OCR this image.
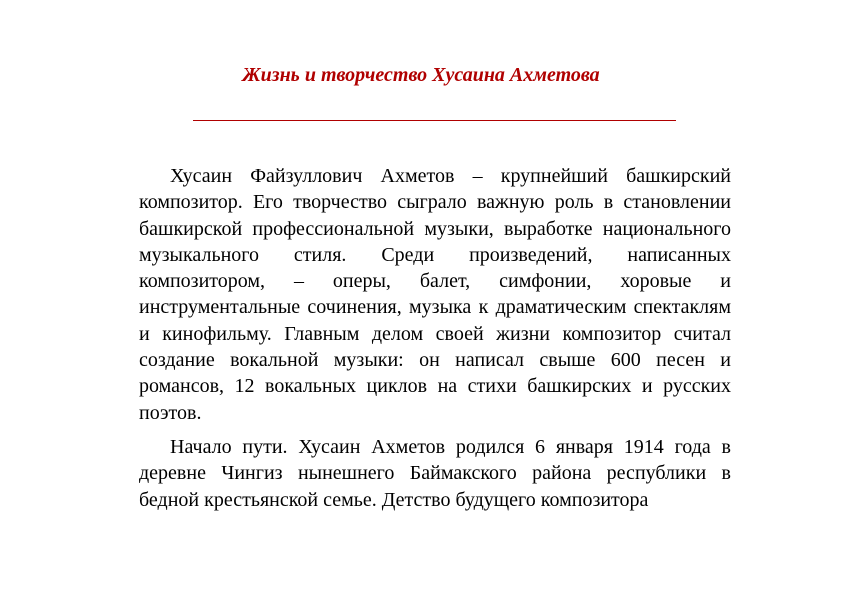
Жизнь и творчество Хусаина Ахметова

Хусаин Файзуллович Ахметов – крупнейший башкирский композитор. Его творчество сыграло важную роль в становлении башкирской профессиональной музыки, выработке национального музыкального стиля. Среди произведений, написанных композитором, – оперы, балет, симфонии, хоровые и инструментальные сочинения, музыка к драматическим спектаклям и кинофильму. Главным делом своей жизни композитор считал создание вокальной музыки: он написал свыше 600 песен и романсов, 12 вокальных циклов на стихи башкирских и русских поэтов.

Начало пути. Хусаин Ахметов родился 6 января 1914 года в деревне Чингиз нынешнего Баймакского района республики в бедной крестьянской семье. Детство будущего композитора
